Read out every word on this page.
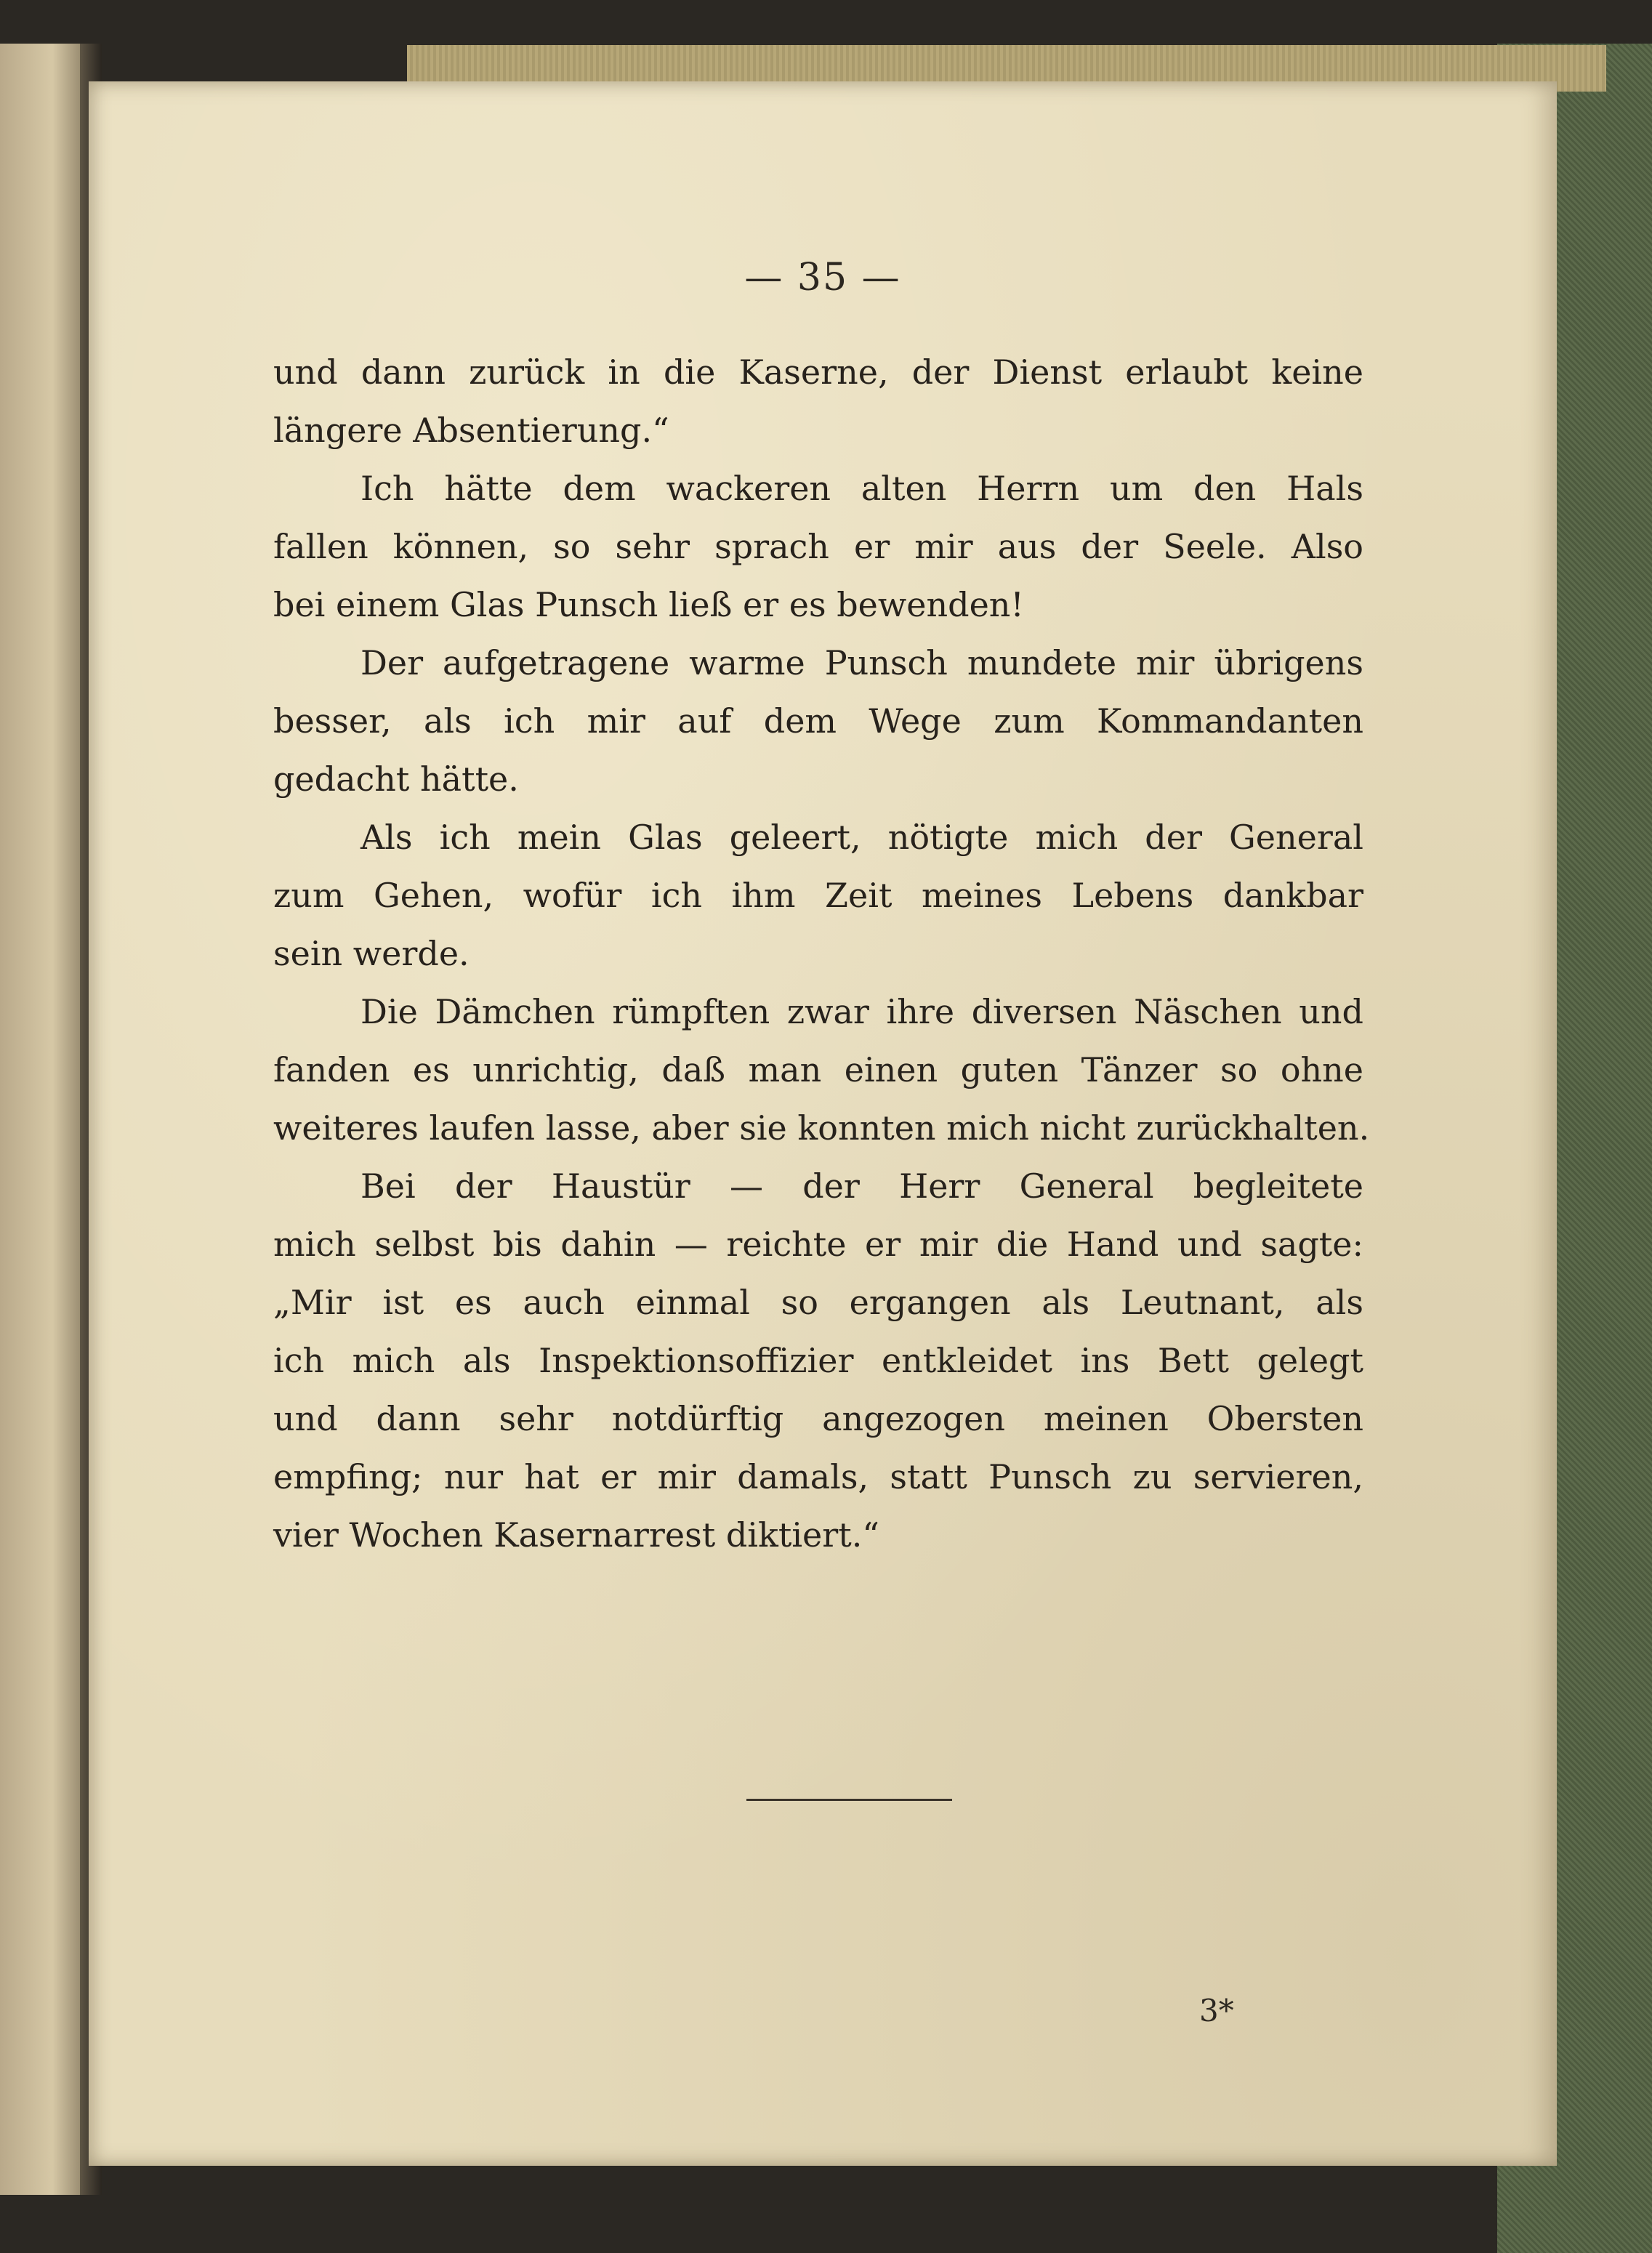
— 35 —
und dann zurück in die Kaserne, der Dienst erlaubt keine
längere Absentierung.“
Ich hätte dem wackeren alten Herrn um den Hals
fallen können, so sehr sprach er mir aus der Seele. Also
bei einem Glas Punsch ließ er es bewenden!
Der aufgetragene warme Punsch mundete mir übrigens
besser, als ich mir auf dem Wege zum Kommandanten
gedacht hätte.
Als ich mein Glas geleert, nötigte mich der General
zum Gehen, wofür ich ihm Zeit meines Lebens dankbar
sein werde.
Die Dämchen rümpften zwar ihre diversen Näschen und
fanden es unrichtig, daß man einen guten Tänzer so ohne
weiteres laufen lasse, aber sie konnten mich nicht zurückhalten.
Bei der Haustür — der Herr General begleitete
mich selbst bis dahin — reichte er mir die Hand und sagte:
„Mir ist es auch einmal so ergangen als Leutnant, als
ich mich als Inspektionsoffizier entkleidet ins Bett gelegt
und dann sehr notdürftig angezogen meinen Obersten
empfing; nur hat er mir damals, statt Punsch zu servieren,
vier Wochen Kasernarrest diktiert.“
3*
